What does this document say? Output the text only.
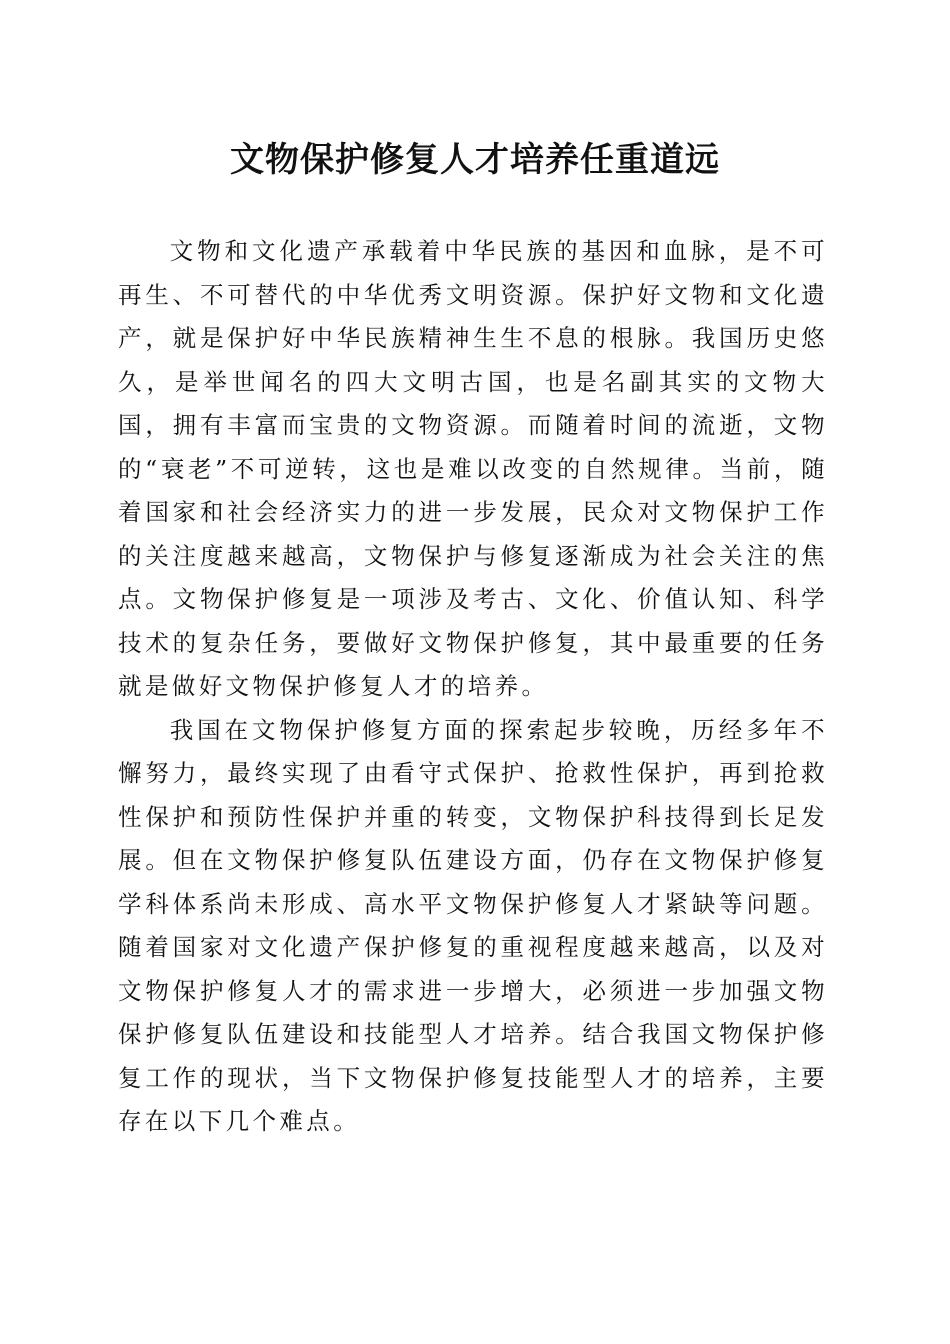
文物保护修复人才培养任重道远

文物和文化遗产承载着中华民族的基因和血脉，是不可再生、不可替代的中华优秀文明资源。保护好文物和文化遗产，就是保护好中华民族精神生生不息的根脉。我国历史悠久，是举世闻名的四大文明古国，也是名副其实的文物大国，拥有丰富而宝贵的文物资源。而随着时间的流逝，文物的“衰老”不可逆转，这也是难以改变的自然规律。当前，随着国家和社会经济实力的进一步发展，民众对文物保护工作的关注度越来越高，文物保护与修复逐渐成为社会关注的焦点。文物保护修复是一项涉及考古、文化、价值认知、科学技术的复杂任务，要做好文物保护修复，其中最重要的任务就是做好文物保护修复人才的培养。

我国在文物保护修复方面的探索起步较晚，历经多年不懈努力，最终实现了由看守式保护、抢救性保护，再到抢救性保护和预防性保护并重的转变，文物保护科技得到长足发展。但在文物保护修复队伍建设方面，仍存在文物保护修复学科体系尚未形成、高水平文物保护修复人才紧缺等问题。随着国家对文化遗产保护修复的重视程度越来越高，以及对文物保护修复人才的需求进一步增大，必须进一步加强文物保护修复队伍建设和技能型人才培养。结合我国文物保护修复工作的现状，当下文物保护修复技能型人才的培养，主要存在以下几个难点。
